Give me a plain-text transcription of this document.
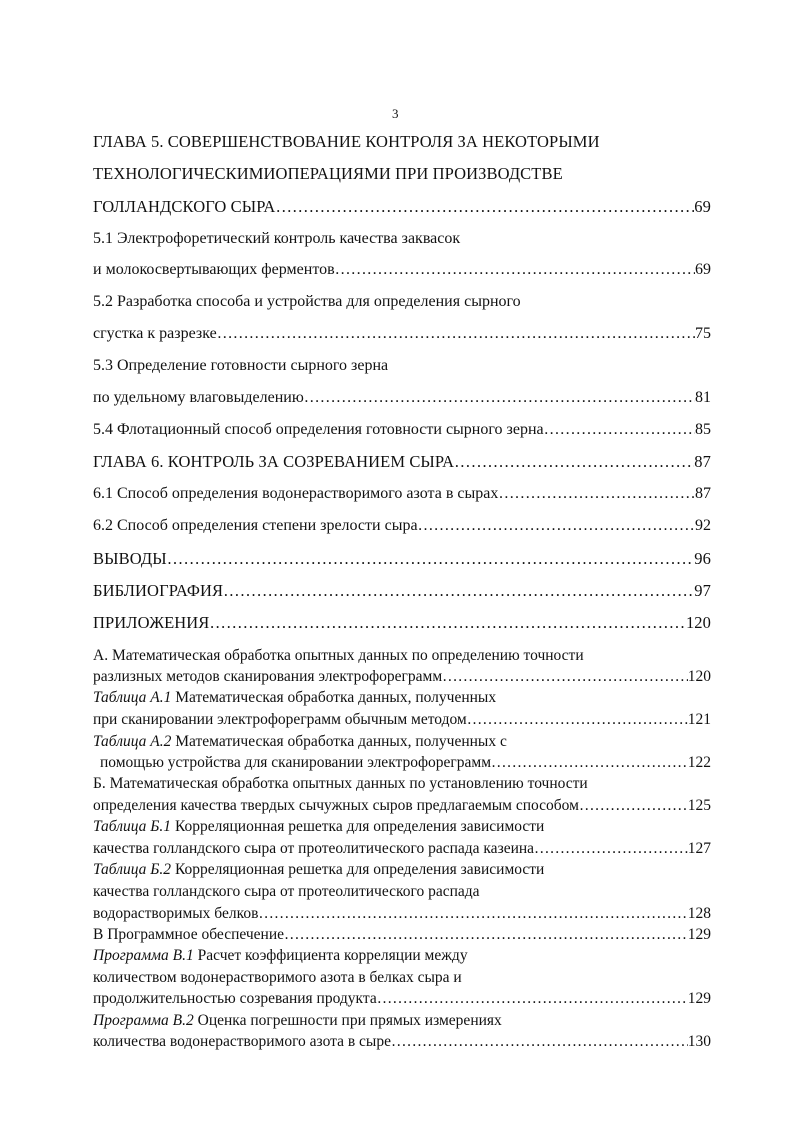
3
ГЛАВА 5. СОВЕРШЕНСТВОВАНИЕ КОНТРОЛЯ ЗА НЕКОТОРЫМИ
ТЕХНОЛОГИЧЕСКИМИОПЕРАЦИЯМИ ПРИ ПРОИЗВОДСТВЕ
ГОЛЛАНДСКОГО СЫРА ………………………………………………………………………………………………………………………………………………………………………………………………	69
5.1 Электрофоретический контроль качества заквасок
и молокосвертывающих ферментов ………………………………………………………………………………………………………………………………………………………………………………………………	69
5.2 Разработка способа и устройства для определения сырного
сгустка к разрезке ………………………………………………………………………………………………………………………………………………………………………………………………	75
5.3 Определение готовности сырного зерна
по удельному влаговыделению ………………………………………………………………………………………………………………………………………………………………………………………………	81
5.4 Флотационный способ определения готовности сырного зерна ………………………………………………………………………………………………………………………………………………………………………………………………	85
ГЛАВА 6. КОНТРОЛЬ ЗА СОЗРЕВАНИЕМ СЫРА ………………………………………………………………………………………………………………………………………………………………………………………………	87
6.1 Способ определения водонерастворимого азота в сырах ………………………………………………………………………………………………………………………………………………………………………………………………	87
6.2 Способ определения степени зрелости сыра ………………………………………………………………………………………………………………………………………………………………………………………………	92
ВЫВОДЫ ………………………………………………………………………………………………………………………………………………………………………………………………	96
БИБЛИОГРАФИЯ ………………………………………………………………………………………………………………………………………………………………………………………………	97
ПРИЛОЖЕНИЯ ………………………………………………………………………………………………………………………………………………………………………………………………	120
А. Математическая обработка опытных данных по определению точности
разлизных методов сканирования электрофореграмм ………………………………………………………………………………………………………………………………………………………………………………………………	120
Таблица А.1 Математическая обработка данных, полученных
при сканировании электрофореграмм обычным методом ………………………………………………………………………………………………………………………………………………………………………………………………	121
Таблица А.2 Математическая обработка данных, полученных с
помощью устройства для сканировании электрофореграмм ………………………………………………………………………………………………………………………………………………………………………………………………	122
Б. Математическая обработка опытных данных по установлению точности
определения качества твердых сычужных сыров предлагаемым способом ………………………………………………………………………………………………………………………………………………………………………………………………	125
Таблица Б.1 Корреляционная решетка для определения зависимости
качества голландского сыра от протеолитического распада казеина ………………………………………………………………………………………………………………………………………………………………………………………………	127
Таблица Б.2 Корреляционная решетка для определения зависимости
качества голландского сыра от протеолитического распада
водорастворимых белков ………………………………………………………………………………………………………………………………………………………………………………………………	128
В Программное обеспечение ………………………………………………………………………………………………………………………………………………………………………………………………	129
Программа В.1 Расчет коэффициента корреляции между
количеством водонерастворимого азота в белках сыра и
продолжительностью созревания продукта ………………………………………………………………………………………………………………………………………………………………………………………………	129
Программа В.2 Оценка погрешности при прямых измерениях
количества водонерастворимого азота в сыре ………………………………………………………………………………………………………………………………………………………………………………………………	130
